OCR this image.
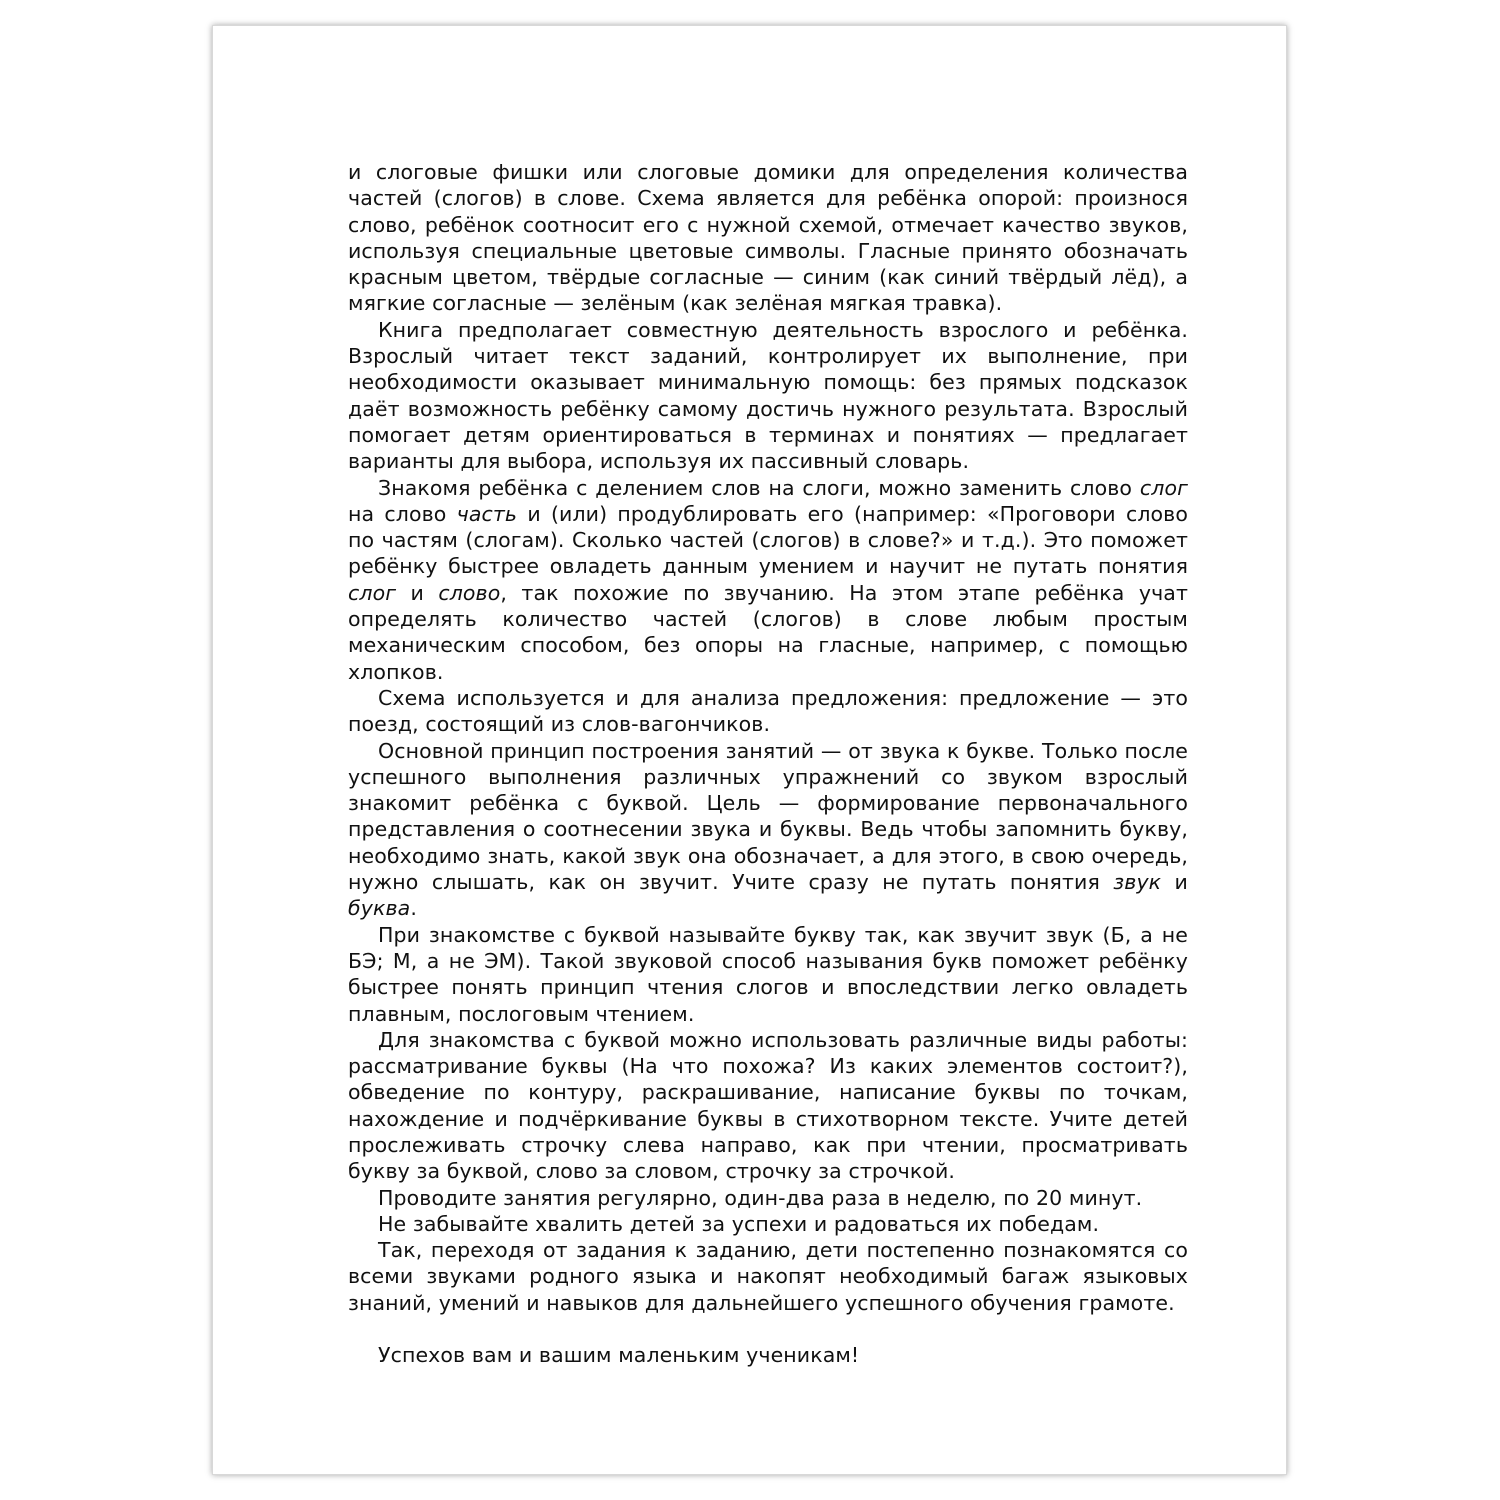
и слоговые фишки или слоговые домики для определения количества частей (слогов) в слове. Схема является для ребёнка опорой: произнося слово, ребёнок соотносит его с нужной схемой, отмечает качество звуков, используя специальные цветовые символы. Гласные принято обозначать красным цветом, твёрдые согласные — синим (как синий твёрдый лёд), а мягкие согласные — зелёным (как зелёная мягкая травка).

Книга предполагает совместную деятельность взрослого и ребёнка. Взрослый читает текст заданий, контролирует их выполнение, при необходимости оказывает минимальную помощь: без прямых подсказок даёт возможность ребёнку самому достичь нужного результата. Взрослый помогает детям ориентироваться в терминах и понятиях — предлагает варианты для выбора, используя их пассивный словарь.

Знакомя ребёнка с делением слов на слоги, можно заменить слово слог на слово часть и (или) продублировать его (например: «Проговори слово по частям (слогам). Сколько частей (слогов) в слове?» и т.д.). Это поможет ребёнку быстрее овладеть данным умением и научит не путать понятия слог и слово, так похожие по звучанию. На этом этапе ребёнка учат определять количество частей (слогов) в слове любым простым механическим способом, без опоры на гласные, например, с помощью хлопков.

Схема используется и для анализа предложения: предложение — это поезд, состоящий из слов-вагончиков.

Основной принцип построения занятий — от звука к букве. Только после успешного выполнения различных упражнений со звуком взрослый знакомит ребёнка с буквой. Цель — формирование первоначального представления о соотнесении звука и буквы. Ведь чтобы запомнить букву, необходимо знать, какой звук она обозначает, а для этого, в свою очередь, нужно слышать, как он звучит. Учите сразу не путать понятия звук и буква.

При знакомстве с буквой называйте букву так, как звучит звук (Б, а не БЭ; М, а не ЭМ). Такой звуковой способ называния букв поможет ребёнку быстрее понять принцип чтения слогов и впоследствии легко овладеть плавным, послоговым чтением.

Для знакомства с буквой можно использовать различные виды работы: рассматривание буквы (На что похожа? Из каких элементов состоит?), обведение по контуру, раскрашивание, написание буквы по точкам, нахождение и подчёркивание буквы в стихотворном тексте. Учите детей прослеживать строчку слева направо, как при чтении, просматривать букву за буквой, слово за словом, строчку за строчкой.

Проводите занятия регулярно, один-два раза в неделю, по 20 минут.

Не забывайте хвалить детей за успехи и радоваться их победам.

Так, переходя от задания к заданию, дети постепенно познакомятся со всеми звуками родного языка и накопят необходимый багаж языковых знаний, умений и навыков для дальнейшего успешного обучения грамоте.

Успехов вам и вашим маленьким ученикам!
